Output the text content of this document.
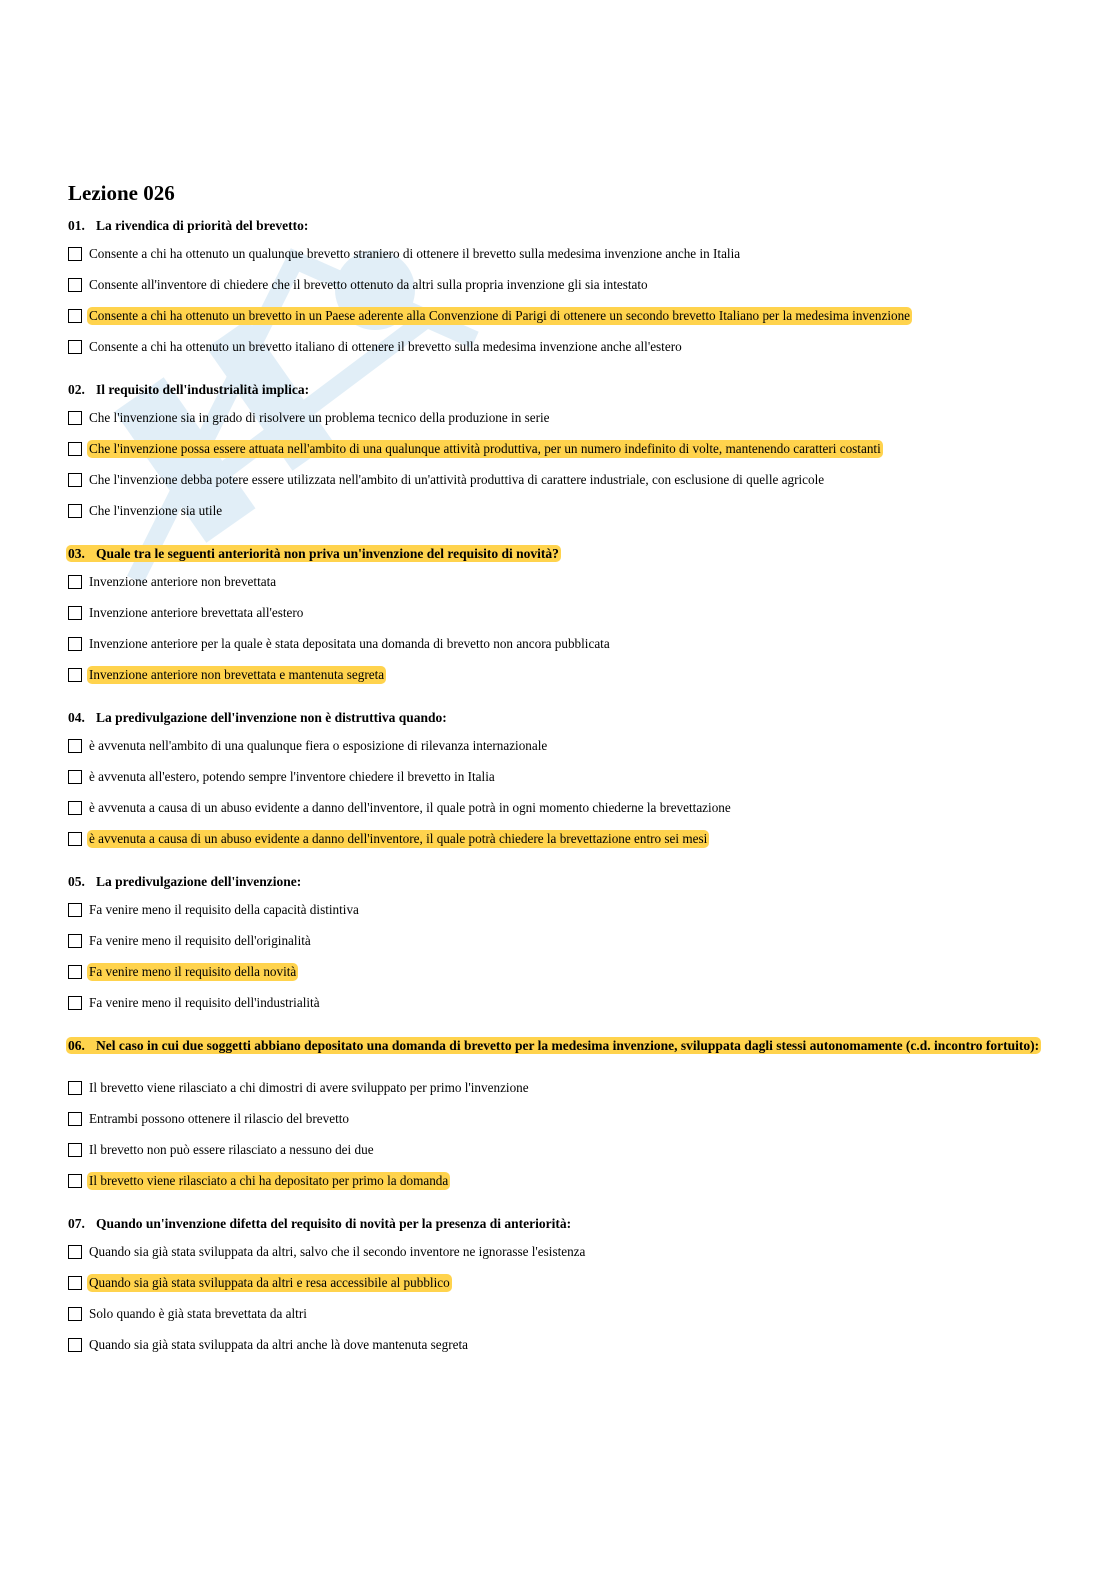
Lezione 026

01. La rivendica di priorità del brevetto:

Consente a chi ha ottenuto un qualunque brevetto straniero di ottenere il brevetto sulla medesima invenzione anche in Italia
Consente all'inventore di chiedere che il brevetto ottenuto da altri sulla propria invenzione gli sia intestato
Consente a chi ha ottenuto un brevetto in un Paese aderente alla Convenzione di Parigi di ottenere un secondo brevetto Italiano per la medesima invenzione
Consente a chi ha ottenuto un brevetto italiano di ottenere il brevetto sulla medesima invenzione anche all'estero

02. Il requisito dell'industrialità implica:

Che l'invenzione sia in grado di risolvere un problema tecnico della produzione in serie
Che l'invenzione possa essere attuata nell'ambito di una qualunque attività produttiva, per un numero indefinito di volte, mantenendo caratteri costanti
Che l'invenzione debba potere essere utilizzata nell'ambito di un'attività produttiva di carattere industriale, con esclusione di quelle agricole
Che l'invenzione sia utile

03. Quale tra le seguenti anteriorità non priva un'invenzione del requisito di novità?

Invenzione anteriore non brevettata
Invenzione anteriore brevettata all'estero
Invenzione anteriore per la quale è stata depositata una domanda di brevetto non ancora pubblicata
Invenzione anteriore non brevettata e mantenuta segreta

04. La predivulgazione dell'invenzione non è distruttiva quando:

è avvenuta nell'ambito di una qualunque fiera o esposizione di rilevanza internazionale
è avvenuta all'estero, potendo sempre l'inventore chiedere il brevetto in Italia
è avvenuta a causa di un abuso evidente a danno dell'inventore, il quale potrà in ogni momento chiederne la brevettazione
è avvenuta a causa di un abuso evidente a danno dell'inventore, il quale potrà chiedere la brevettazione entro sei mesi

05. La predivulgazione dell'invenzione:

Fa venire meno il requisito della capacità distintiva
Fa venire meno il requisito dell'originalità
Fa venire meno il requisito della novità
Fa venire meno il requisito dell'industrialità

06. Nel caso in cui due soggetti abbiano depositato una domanda di brevetto per la medesima invenzione, sviluppata dagli stessi autonomamente (c.d. incontro fortuito):

Il brevetto viene rilasciato a chi dimostri di avere sviluppato per primo l'invenzione
Entrambi possono ottenere il rilascio del brevetto
Il brevetto non può essere rilasciato a nessuno dei due
Il brevetto viene rilasciato a chi ha depositato per primo la domanda

07. Quando un'invenzione difetta del requisito di novità per la presenza di anteriorità:

Quando sia già stata sviluppata da altri, salvo che il secondo inventore ne ignorasse l'esistenza
Quando sia già stata sviluppata da altri e resa accessibile al pubblico
Solo quando è già stata brevettata da altri
Quando sia già stata sviluppata da altri anche là dove mantenuta segreta
